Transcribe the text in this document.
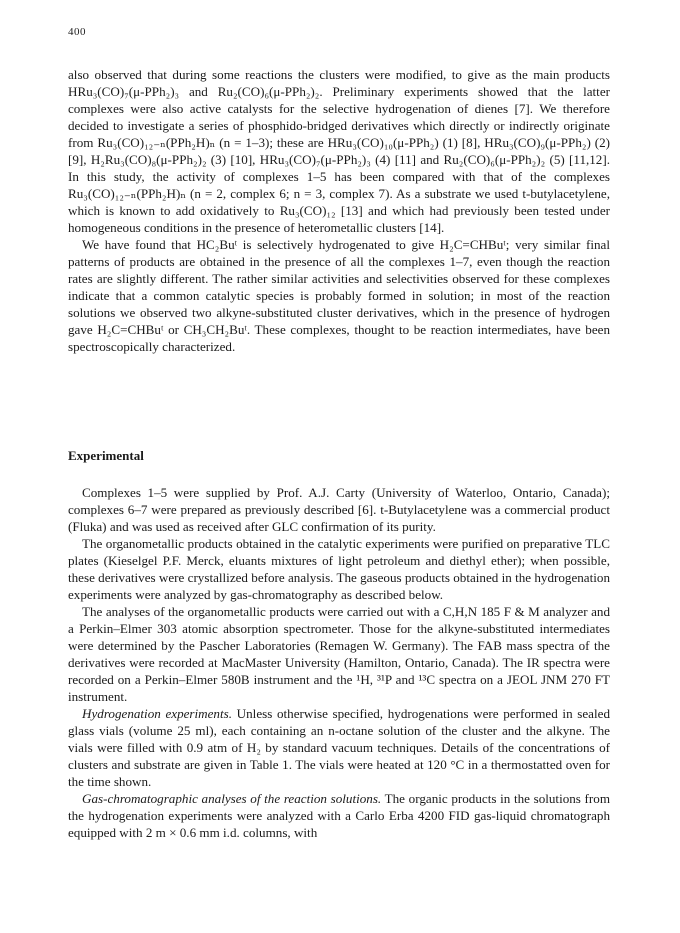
400

also observed that during some reactions the clusters were modified, to give as the main products HRu₃(CO)₇(μ-PPh₂)₃ and Ru₂(CO)₆(μ-PPh₂)₂. Preliminary experiments showed that the latter complexes were also active catalysts for the selective hydrogenation of dienes [7]. We therefore decided to investigate a series of phosphido-bridged derivatives which directly or indirectly originate from Ru₃(CO)₁₂₋ₙ(PPh₂H)ₙ (n = 1–3); these are HRu₃(CO)₁₀(μ-PPh₂) (1) [8], HRu₃(CO)₉(μ-PPh₂) (2) [9], H₂Ru₃(CO)₈(μ-PPh₂)₂ (3) [10], HRu₃(CO)₇(μ-PPh₂)₃ (4) [11] and Ru₂(CO)₆(μ-PPh₂)₂ (5) [11,12]. In this study, the activity of complexes 1–5 has been compared with that of the complexes Ru₃(CO)₁₂₋ₙ(PPh₂H)ₙ (n = 2, complex 6; n = 3, complex 7). As a substrate we used t-butylacetylene, which is known to add oxidatively to Ru₃(CO)₁₂ [13] and which had previously been tested under homogeneous conditions in the presence of heterometallic clusters [14].

We have found that HC₂Buᵗ is selectively hydrogenated to give H₂C=CHBuᵗ; very similar final patterns of products are obtained in the presence of all the complexes 1–7, even though the reaction rates are slightly different. The rather similar activities and selectivities observed for these complexes indicate that a common catalytic species is probably formed in solution; in most of the reaction solutions we observed two alkyne-substituted cluster derivatives, which in the presence of hydrogen gave H₂C=CHBuᵗ or CH₃CH₂Buᵗ. These complexes, thought to be reaction intermediates, have been spectroscopically characterized.

Experimental

Complexes 1–5 were supplied by Prof. A.J. Carty (University of Waterloo, Ontario, Canada); complexes 6–7 were prepared as previously described [6]. t-Butylacetylene was a commercial product (Fluka) and was used as received after GLC confirmation of its purity.

The organometallic products obtained in the catalytic experiments were purified on preparative TLC plates (Kieselgel P.F. Merck, eluants mixtures of light petroleum and diethyl ether); when possible, these derivatives were crystallized before analysis. The gaseous products obtained in the hydrogenation experiments were analyzed by gas-chromatography as described below.

The analyses of the organometallic products were carried out with a C,H,N 185 F & M analyzer and a Perkin–Elmer 303 atomic absorption spectrometer. Those for the alkyne-substituted intermediates were determined by the Pascher Laboratories (Remagen W. Germany). The FAB mass spectra of the derivatives were recorded at MacMaster University (Hamilton, Ontario, Canada). The IR spectra were recorded on a Perkin–Elmer 580B instrument and the ¹H, ³¹P and ¹³C spectra on a JEOL JNM 270 FT instrument.

Hydrogenation experiments. Unless otherwise specified, hydrogenations were performed in sealed glass vials (volume 25 ml), each containing an n-octane solution of the cluster and the alkyne. The vials were filled with 0.9 atm of H₂ by standard vacuum techniques. Details of the concentrations of clusters and substrate are given in Table 1. The vials were heated at 120 °C in a thermostatted oven for the time shown.

Gas-chromatographic analyses of the reaction solutions. The organic products in the solutions from the hydrogenation experiments were analyzed with a Carlo Erba 4200 FID gas-liquid chromatograph equipped with 2 m × 0.6 mm i.d. columns, with
